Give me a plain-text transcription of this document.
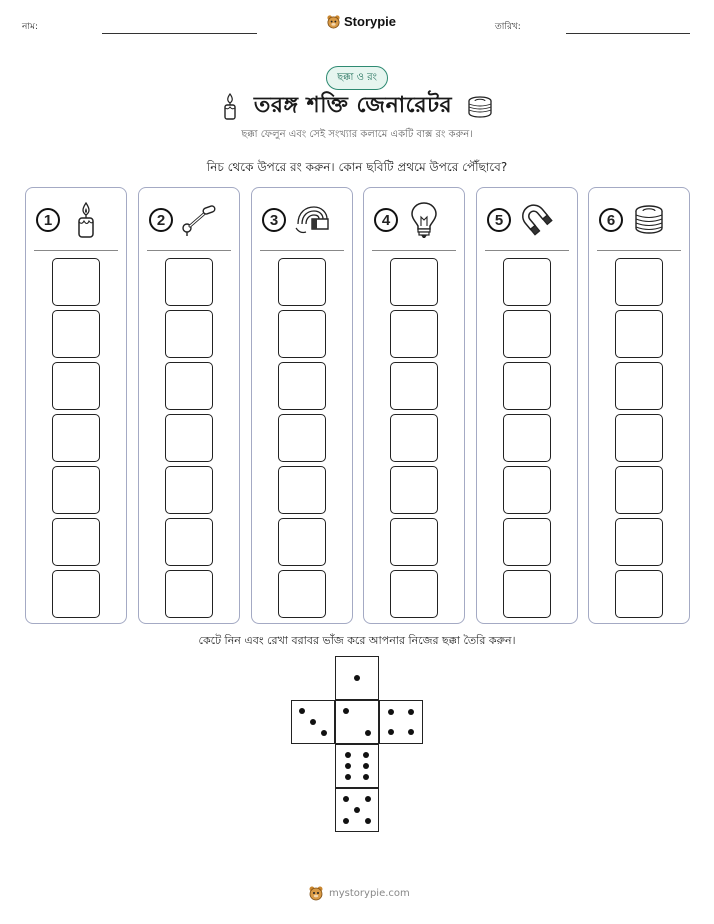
নাম:	Storypie	তারিখ:
ছক্কা ও রং
তরঙ্গ শক্তি জেনারেটর
ছক্কা ফেলুন এবং সেই সংখ্যার কলামে একটি বাক্স রং করুন।
নিচ থেকে উপরে রং করুন। কোন ছবিটি প্রথমে উপরে পৌঁছাবে?
1	2	3	4	5	6
কেটে নিন এবং রেখা বরাবর ভাঁজ করে আপনার নিজের ছক্কা তৈরি করুন।
mystorypie.com
